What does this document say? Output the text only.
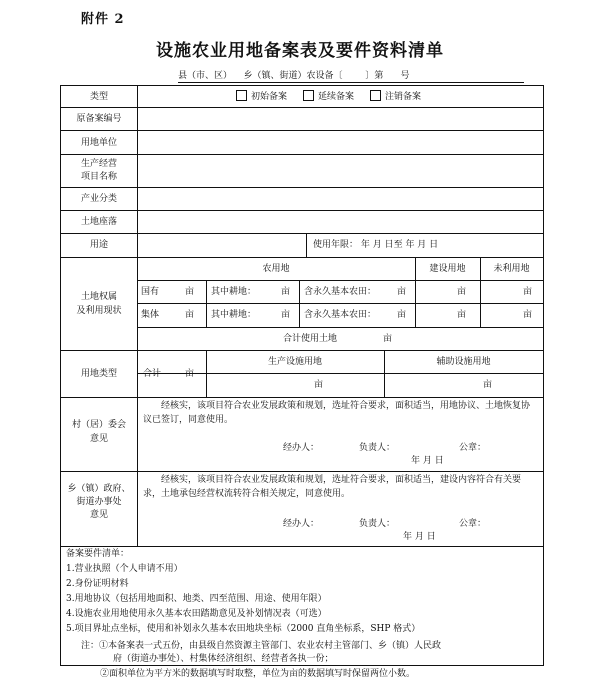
附件 2
设施农业用地备案表及要件资料清单
县（市、区）    乡（镇、街道）农设备〔        〕第      号
类型	初始备案	延续备案	注销备案
原备案编号
用地单位
生产经营
项目名称
产业分类
土地座落
用途	使用年限： 年 月 日至 年 月 日
土地权属
及利用现状
农用地	建设用地	未利用地
国有	亩 其中耕地：	亩 含永久基本农田： 亩	亩	亩
集体	亩 其中耕地：	亩 含永久基本农田： 亩	亩	亩
合计使用土地	亩
用地类型	合计	亩
生产设施用地	辅助设施用地
亩	亩
村（居）委会
意见
经核实，该项目符合农业发展政策和规划，选址符合要求，面积适当，用地协议、土地恢复协议已签订，同意使用。
经办人：	负责人：	公章：
年 月 日
乡（镇）政府、
街道办事处
意见
经核实，该项目符合农业发展政策和规划，选址符合要求，面积适当，建设内容符合有关要求，土地承包经营权流转符合相关规定，同意使用。
经办人：	负责人：	公章：
年 月 日
备案要件清单：
1.营业执照（个人申请不用）
2.身份证明材料
3.用地协议（包括用地面积、地类、四至范围、用途、使用年限）
4.设施农业用地使用永久基本农田踏勘意见及补划情况表（可选）
5.项目界址点坐标，使用和补划永久基本农田地块坐标（2000 直角坐标系，SHP 格式）
注：①本备案表一式五份，由县级自然资源主管部门、农业农村主管部门、乡（镇）人民政
府（街道办事处）、村集体经济组织、经营者各执一份；
②面积单位为平方米的数据填写时取整，单位为亩的数据填写时保留两位小数。
